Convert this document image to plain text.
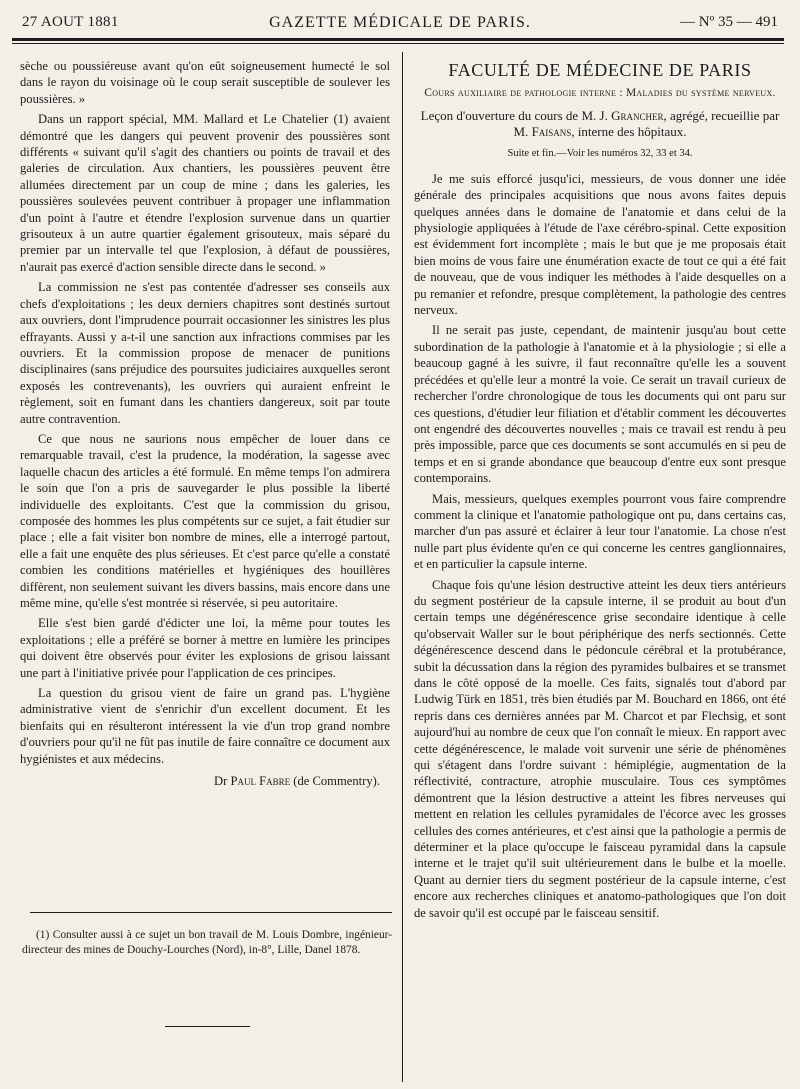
27 AOUT 1881	GAZETTE MÉDICALE DE PARIS.	— Nº 35 — 491

sèche ou poussiéreuse avant qu'on eût soigneusement humecté le sol dans le rayon du voisinage où le coup serait susceptible de soulever les poussières. »

Dans un rapport spécial, MM. Mallard et Le Chatelier (1) avaient démontré que les dangers qui peuvent provenir des poussières sont différents « suivant qu'il s'agit des chantiers ou points de travail et des galeries de circulation. Aux chantiers, les poussières peuvent être allumées directement par un coup de mine ; dans les galeries, les poussières soulevées peuvent contribuer à propager une inflammation d'un point à l'autre et étendre l'explosion survenue dans un quartier grisouteux à un autre quartier également grisouteux, mais séparé du premier par un intervalle tel que l'explosion, à défaut de poussières, n'aurait pas exercé d'action sensible directe dans le second. »

La commission ne s'est pas contentée d'adresser ses conseils aux chefs d'exploitations ; les deux derniers chapitres sont destinés surtout aux ouvriers, dont l'imprudence pourrait occasionner les sinistres les plus effrayants. Aussi y a-t-il une sanction aux infractions commises par les ouvriers. Et la commission propose de menacer de punitions disciplinaires (sans préjudice des poursuites judiciaires auxquelles seront exposés les contrevenants), les ouvriers qui auraient enfreint le règlement, soit en fumant dans les chantiers dangereux, soit par toute autre contravention.

Ce que nous ne saurions nous empêcher de louer dans ce remarquable travail, c'est la prudence, la modération, la sagesse avec laquelle chacun des articles a été formulé. En même temps l'on admirera le soin que l'on a pris de sauvegarder le plus possible la liberté individuelle des exploitants. C'est que la commission du grisou, composée des hommes les plus compétents sur ce sujet, a fait étudier sur place ; elle a fait visiter bon nombre de mines, elle a interrogé partout, elle a fait une enquête des plus sérieuses. Et c'est parce qu'elle a constaté combien les conditions matérielles et hygiéniques des houillères diffèrent, non seulement suivant les divers bassins, mais encore dans une même mine, qu'elle s'est montrée si réservée, si peu autoritaire.

Elle s'est bien gardé d'édicter une loi, la même pour toutes les exploitations ; elle a préféré se borner à mettre en lumière les principes qui doivent être observés pour éviter les explosions de grisou laissant une part à l'initiative privée pour l'application de ces principes.

La question du grisou vient de faire un grand pas. L'hygiène administrative vient de s'enrichir d'un excellent document. Et les bienfaits qui en résulteront intéressent la vie d'un trop grand nombre d'ouvriers pour qu'il ne fût pas inutile de faire connaître ce document aux hygiénistes et aux médecins.

Dr Paul Fabre (de Commentry).

(1) Consulter aussi à ce sujet un bon travail de M. Louis Dombre, ingénieur-directeur des mines de Douchy-Lourches (Nord), in-8°, Lille, Danel 1878.

FACULTÉ DE MÉDECINE DE PARIS
Cours auxiliaire de pathologie interne : Maladies du système nerveux.
Leçon d'ouverture du cours de M. J. Grancher, agrégé, recueillie par M. Faisans, interne des hôpitaux.
Suite et fin.—Voir les numéros 32, 33 et 34.

Je me suis efforcé jusqu'ici, messieurs, de vous donner une idée générale des principales acquisitions que nous avons faites depuis quelques années dans le domaine de l'anatomie et dans celui de la physiologie appliquées à l'étude de l'axe cérébro-spinal. Cette exposition est évidemment fort incomplète ; mais le but que je me proposais était bien moins de vous faire une énumération exacte de tout ce qui a été fait de nouveau, que de vous indiquer les méthodes à l'aide desquelles on a pu remanier et refondre, presque complètement, la pathologie des centres nerveux.

Il ne serait pas juste, cependant, de maintenir jusqu'au bout cette subordination de la pathologie à l'anatomie et à la physiologie ; si elle a beaucoup gagné à les suivre, il faut reconnaître qu'elle les a souvent précédées et qu'elle leur a montré la voie. Ce serait un travail curieux de rechercher l'ordre chronologique de tous les documents qui ont paru sur ces questions, d'étudier leur filiation et d'établir comment les découvertes ont engendré des découvertes nouvelles ; mais ce travail est rendu à peu près impossible, parce que ces documents se sont accumulés en si peu de temps et en si grande abondance que beaucoup d'entre eux sont presque contemporains.

Mais, messieurs, quelques exemples pourront vous faire comprendre comment la clinique et l'anatomie pathologique ont pu, dans certains cas, marcher d'un pas assuré et éclairer à leur tour l'anatomie. La chose n'est nulle part plus évidente qu'en ce qui concerne les centres ganglionnaires, et en particulier la capsule interne.

Chaque fois qu'une lésion destructive atteint les deux tiers antérieurs du segment postérieur de la capsule interne, il se produit au bout d'un certain temps une dégénérescence grise secondaire identique à celle qu'observait Waller sur le bout périphérique des nerfs sectionnés. Cette dégénérescence descend dans le pédoncule cérébral et la protubérance, subit la décussation dans la région des pyramides bulbaires et se transmet dans le côté opposé de la moelle. Ces faits, signalés tout d'abord par Ludwig Türk en 1851, très bien étudiés par M. Bouchard en 1866, ont été repris dans ces dernières années par M. Charcot et par Flechsig, et sont aujourd'hui au nombre de ceux que l'on connaît le mieux. En rapport avec cette dégénérescence, le malade voit survenir une série de phénomènes qui s'étagent dans l'ordre suivant : hémiplégie, augmentation de la réflectivité, contracture, atrophie musculaire. Tous ces symptômes démontrent que la lésion destructive a atteint les fibres nerveuses qui mettent en relation les cellules pyramidales de l'écorce avec les grosses cellules des cornes antérieures, et c'est ainsi que la pathologie a permis de déterminer et la place qu'occupe le faisceau pyramidal dans la capsule interne et le trajet qu'il suit ultérieurement dans le bulbe et la moelle. Quant au dernier tiers du segment postérieur de la capsule interne, c'est encore aux recherches cliniques et anatomo-pathologiques que l'on doit de savoir qu'il est occupé par le faisceau sensitif.
